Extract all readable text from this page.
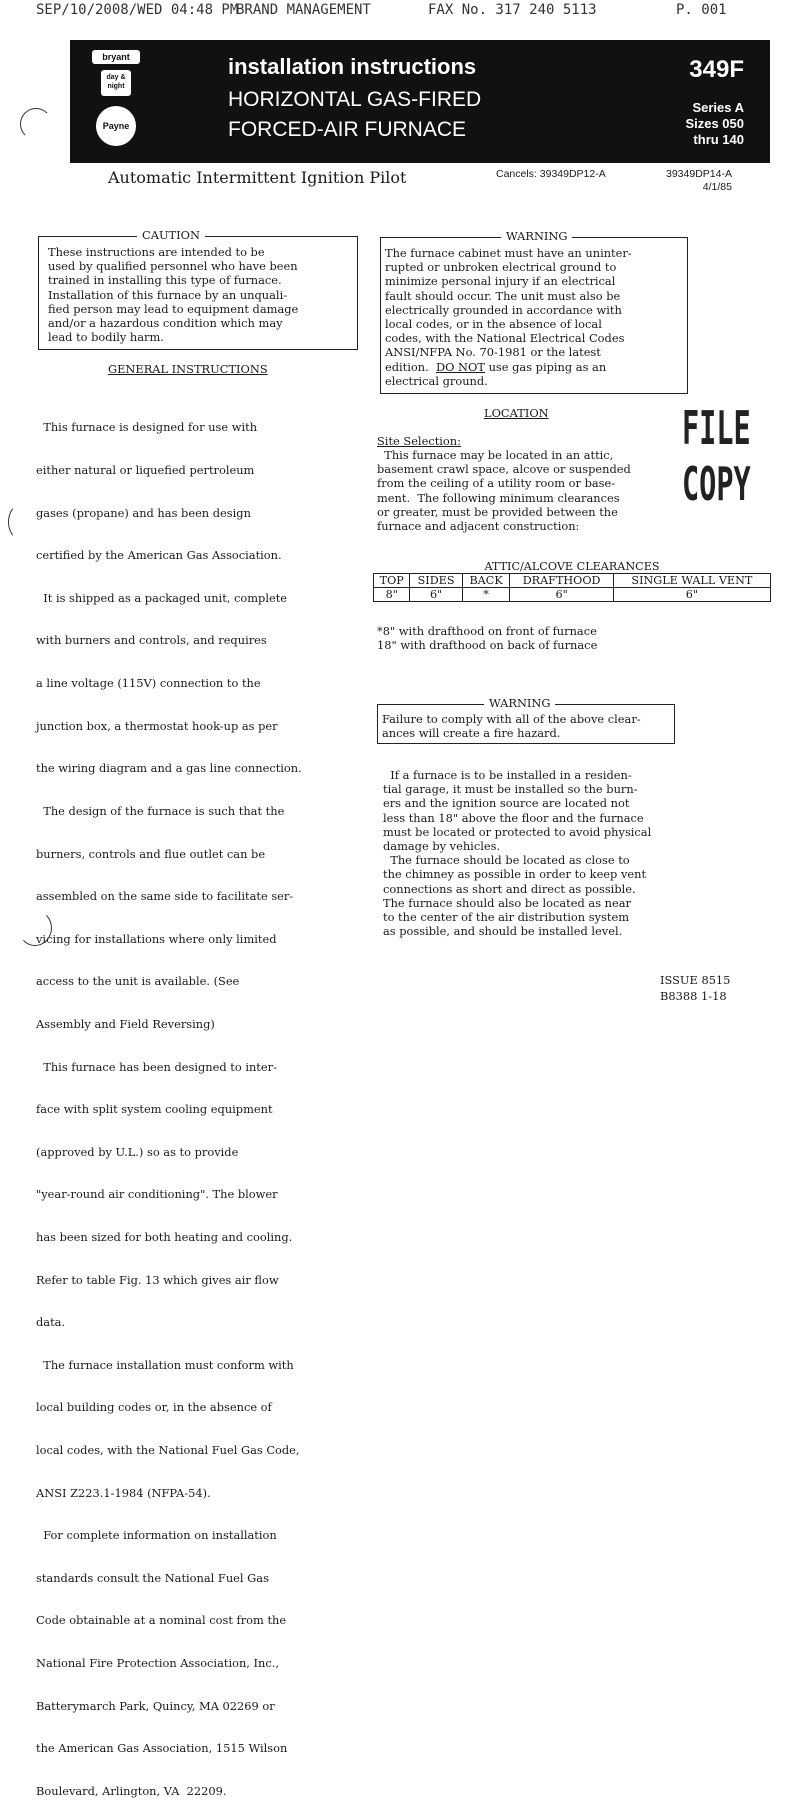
SEP/10/2008/WED 04:48 PM
BRAND MANAGEMENT	FAX No. 317 240 5113	P. 001
bryant
day & night
Payne
installation instructions
HORIZONTAL GAS-FIRED
FORCED-AIR FURNACE
349F
Series A
Sizes 050
thru 140
Automatic Intermittent Ignition Pilot	Cancels: 39349DP12-A	39349DP14-A
4/1/85
CAUTION
These instructions are intended to be
used by qualified personnel who have been
trained in installing this type of furnace.
Installation of this furnace by an unquali-
fied person may lead to equipment damage
and/or a hazardous condition which may
lead to bodily harm.
GENERAL INSTRUCTIONS

This furnace is designed for use with

either natural or liquefied pertroleum

gases (propane) and has been design

certified by the American Gas Association.

It is shipped as a packaged unit, complete

with burners and controls, and requires

a line voltage (115V) connection to the

junction box, a thermostat hook-up as per

the wiring diagram and a gas line connection.

The design of the furnace is such that the

burners, controls and flue outlet can be

assembled on the same side to facilitate ser-

vicing for installations where only limited

access to the unit is available. (See

Assembly and Field Reversing)

This furnace has been designed to inter-

face with split system cooling equipment

(approved by U.L.) so as to provide

"year-round air conditioning". The blower

has been sized for both heating and cooling.

Refer to table Fig. 13 which gives air flow

data.

The furnace installation must conform with

local building codes or, in the absence of

local codes, with the National Fuel Gas Code,

ANSI Z223.1-1984 (NFPA-54).

For complete information on installation

standards consult the National Fuel Gas

Code obtainable at a nominal cost from the

National Fire Protection Association, Inc.,

Batterymarch Park, Quincy, MA 02269 or

the American Gas Association, 1515 Wilson

Boulevard, Arlington, VA  22209.

WARNING
The furnace cabinet must have an uninter-
rupted or unbroken electrical ground to
minimize personal injury if an electrical
fault should occur. The unit must also be
electrically grounded in accordance with
local codes, or in the absence of local
codes, with the National Electrical Codes
ANSI/NFPA No. 70-1981 or the latest
edition.  DO NOT use gas piping as an
electrical ground.
LOCATION
Site Selection:
This furnace may be located in an attic,
basement crawl space, alcove or suspended
from the ceiling of a utility room or base-
ment.  The following minimum clearances
or greater, must be provided between the
furnace and adjacent construction:
FILE
COPY
ATTIC/ALCOVE CLEARANCES				
TOP	SIDES	BACK	DRAFTHOOD	SINGLE WALL VENT
8"	6"	*	6"	6"
*8" with drafthood on front of furnace
18" with drafthood on back of furnace
WARNING
Failure to comply with all of the above clear-
ances will create a fire hazard.
If a furnace is to be installed in a residen-
tial garage, it must be installed so the burn-
ers and the ignition source are located not
less than 18" above the floor and the furnace
must be located or protected to avoid physical
damage by vehicles.
The furnace should be located as close to
the chimney as possible in order to keep vent
connections as short and direct as possible.
The furnace should also be located as near
to the center of the air distribution system
as possible, and should be installed level.
ISSUE 8515
B8388 1-18
